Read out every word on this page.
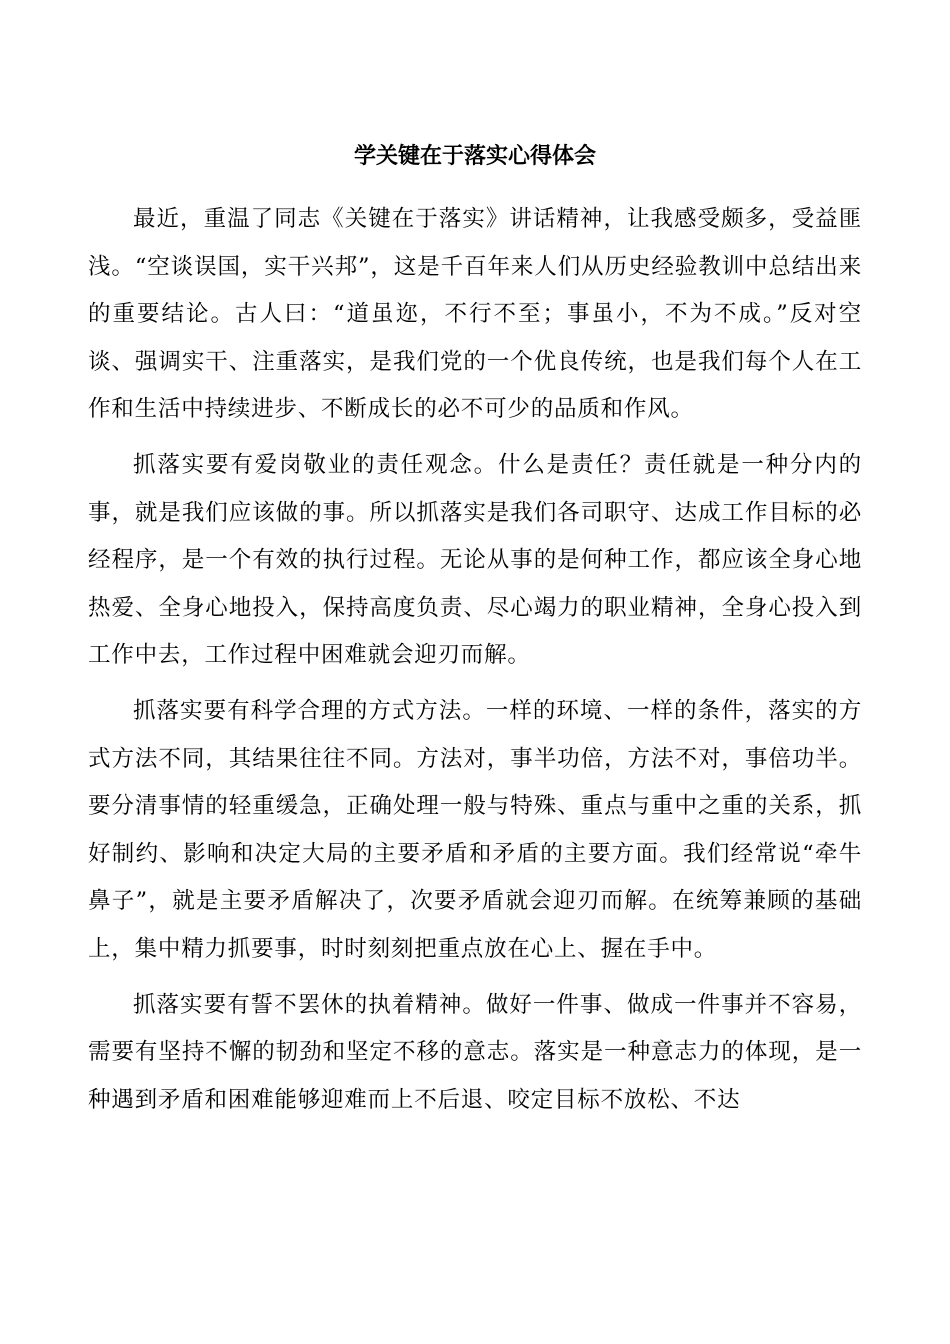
学关键在于落实心得体会

最近，重温了同志《关键在于落实》讲话精神，让我感受颇多，受益匪浅。“空谈误国，实干兴邦”，这是千百年来人们从历史经验教训中总结出来的重要结论。古人曰：“道虽迩，不行不至；事虽小，不为不成。”反对空谈、强调实干、注重落实，是我们党的一个优良传统，也是我们每个人在工作和生活中持续进步、不断成长的必不可少的品质和作风。

抓落实要有爱岗敬业的责任观念。什么是责任？责任就是一种分内的事，就是我们应该做的事。所以抓落实是我们各司职守、达成工作目标的必经程序，是一个有效的执行过程。无论从事的是何种工作，都应该全身心地热爱、全身心地投入，保持高度负责、尽心竭力的职业精神，全身心投入到工作中去，工作过程中困难就会迎刃而解。

抓落实要有科学合理的方式方法。一样的环境、一样的条件，落实的方式方法不同，其结果往往不同。方法对，事半功倍，方法不对，事倍功半。要分清事情的轻重缓急，正确处理一般与特殊、重点与重中之重的关系，抓好制约、影响和决定大局的主要矛盾和矛盾的主要方面。我们经常说“牵牛鼻子”，就是主要矛盾解决了，次要矛盾就会迎刃而解。在统筹兼顾的基础上，集中精力抓要事，时时刻刻把重点放在心上、握在手中。

抓落实要有誓不罢休的执着精神。做好一件事、做成一件事并不容易，需要有坚持不懈的韧劲和坚定不移的意志。落实是一种意志力的体现，是一种遇到矛盾和困难能够迎难而上不后退、咬定目标不放松、不达
